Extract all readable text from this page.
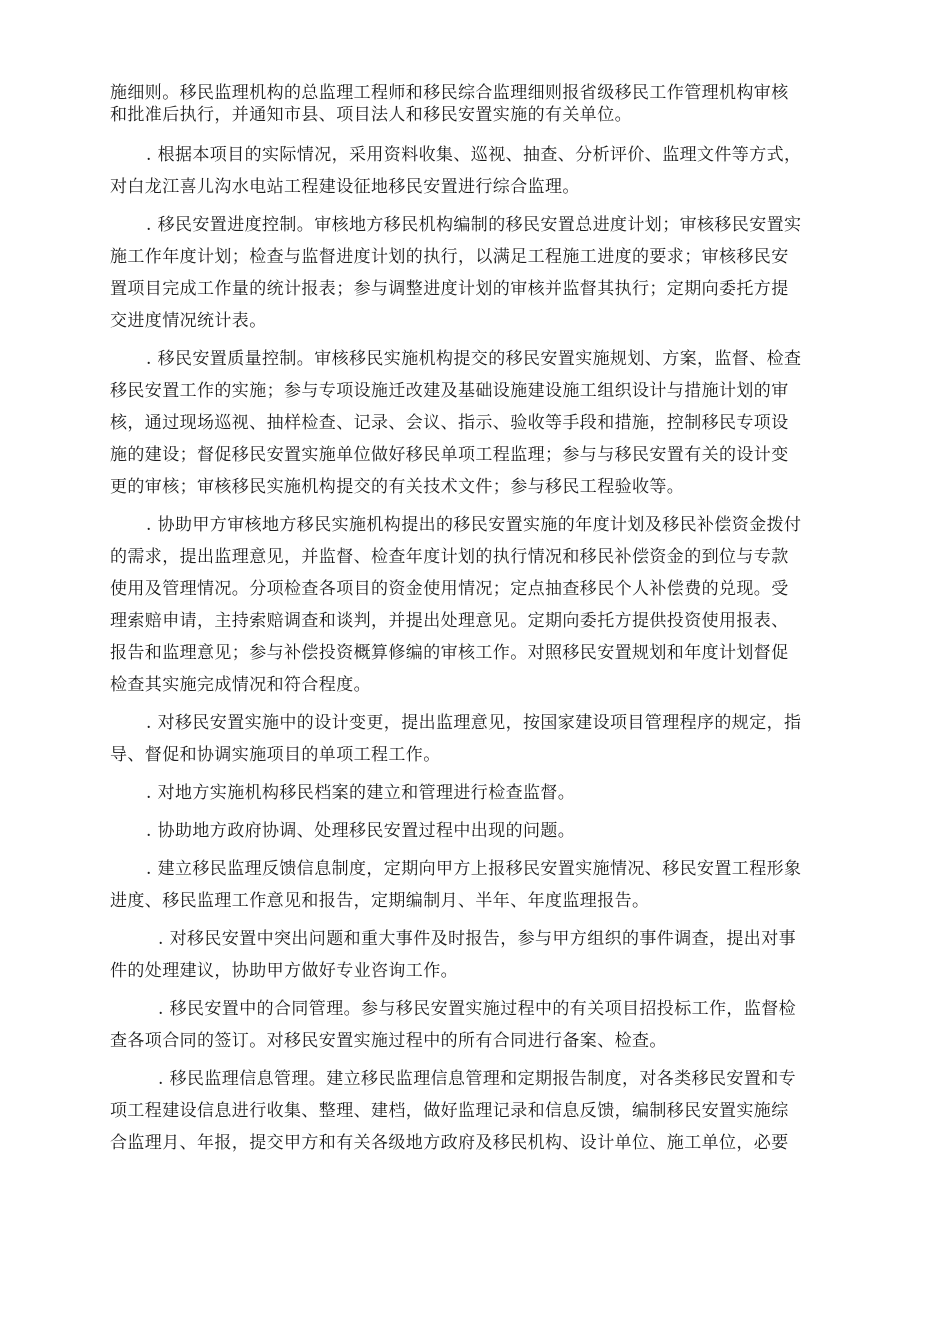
施细则。移民监理机构的总监理工程师和移民综合监理细则报省级移民工作管理机构审核
和批准后执行，并通知市县、项目法人和移民安置实施的有关单位。
. 根据本项目的实际情况，采用资料收集、巡视、抽查、分析评价、监理文件等方式，
对白龙江喜儿沟水电站工程建设征地移民安置进行综合监理。
. 移民安置进度控制。审核地方移民机构编制的移民安置总进度计划；审核移民安置实
施工作年度计划；检查与监督进度计划的执行，以满足工程施工进度的要求；审核移民安
置项目完成工作量的统计报表；参与调整进度计划的审核并监督其执行；定期向委托方提
交进度情况统计表。
. 移民安置质量控制。审核移民实施机构提交的移民安置实施规划、方案，监督、检查
移民安置工作的实施；参与专项设施迁改建及基础设施建设施工组织设计与措施计划的审
核，通过现场巡视、抽样检查、记录、会议、指示、验收等手段和措施，控制移民专项设
施的建设；督促移民安置实施单位做好移民单项工程监理；参与与移民安置有关的设计变
更的审核；审核移民实施机构提交的有关技术文件；参与移民工程验收等。
. 协助甲方审核地方移民实施机构提出的移民安置实施的年度计划及移民补偿资金拨付
的需求，提出监理意见，并监督、检查年度计划的执行情况和移民补偿资金的到位与专款
使用及管理情况。分项检查各项目的资金使用情况；定点抽查移民个人补偿费的兑现。受
理索赔申请，主持索赔调查和谈判，并提出处理意见。定期向委托方提供投资使用报表、
报告和监理意见；参与补偿投资概算修编的审核工作。对照移民安置规划和年度计划督促
检查其实施完成情况和符合程度。
. 对移民安置实施中的设计变更，提出监理意见，按国家建设项目管理程序的规定，指
导、督促和协调实施项目的单项工程工作。
. 对地方实施机构移民档案的建立和管理进行检查监督。
. 协助地方政府协调、处理移民安置过程中出现的问题。
. 建立移民监理反馈信息制度，定期向甲方上报移民安置实施情况、移民安置工程形象
进度、移民监理工作意见和报告，定期编制月、半年、年度监理报告。
. 对移民安置中突出问题和重大事件及时报告，参与甲方组织的事件调查，提出对事
件的处理建议，协助甲方做好专业咨询工作。
. 移民安置中的合同管理。参与移民安置实施过程中的有关项目招投标工作，监督检
查各项合同的签订。对移民安置实施过程中的所有合同进行备案、检查。
. 移民监理信息管理。建立移民监理信息管理和定期报告制度，对各类移民安置和专
项工程建设信息进行收集、整理、建档，做好监理记录和信息反馈，编制移民安置实施综
合监理月、年报，提交甲方和有关各级地方政府及移民机构、设计单位、施工单位，必要
